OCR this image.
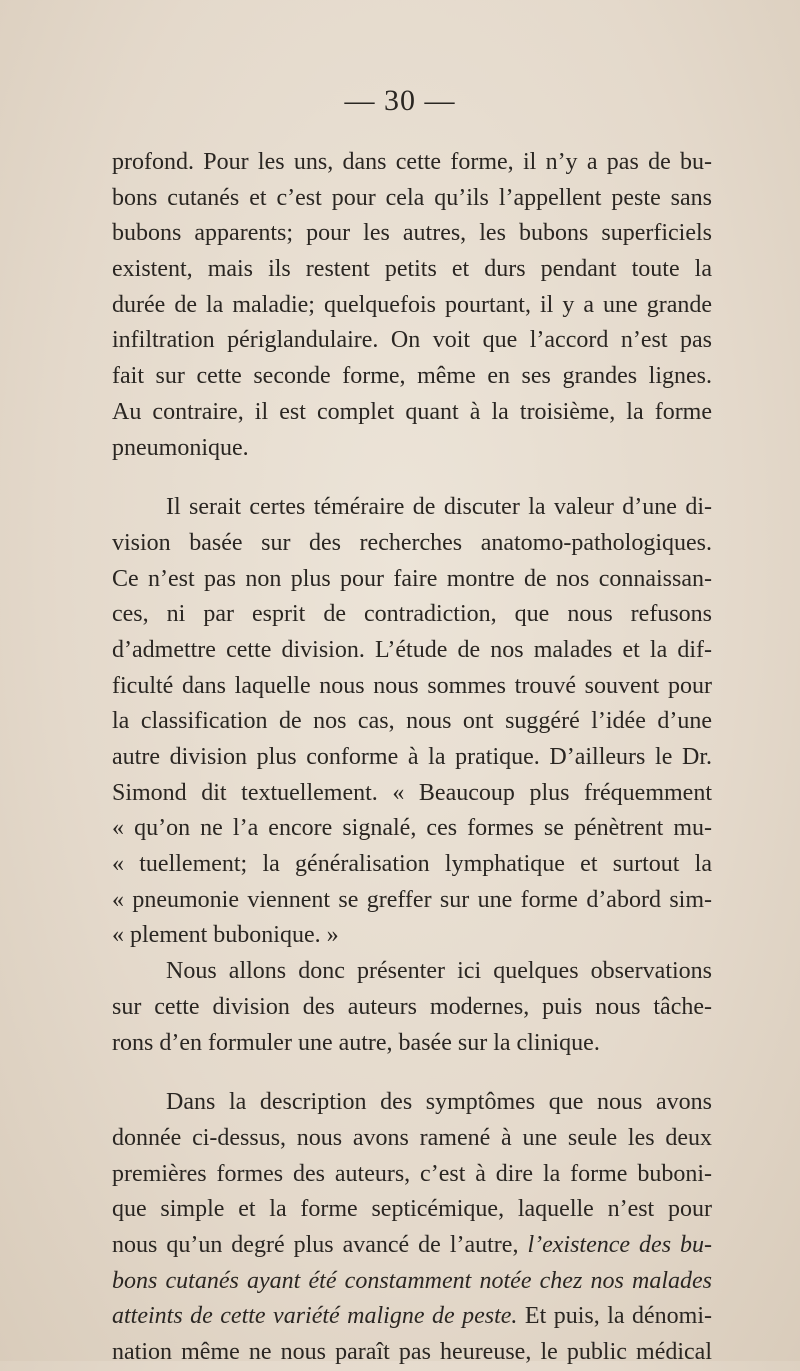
— 30 —
profond. Pour les uns, dans cette forme, il n’y a pas de bu-
bons cutanés et c’est pour cela qu’ils l’appellent peste sans
bubons apparents; pour les autres, les bubons superficiels
existent, mais ils restent petits et durs pendant toute la
durée de la maladie; quelquefois pourtant, il y a une grande
infiltration périglandulaire. On voit que l’accord n’est pas
fait sur cette seconde forme, même en ses grandes lignes.
Au contraire, il est complet quant à la troisième, la forme
pneumonique.
Il serait certes téméraire de discuter la valeur d’une di-
vision basée sur des recherches anatomo-pathologiques.
Ce n’est pas non plus pour faire montre de nos connaissan-
ces, ni par esprit de contradiction, que nous refusons
d’admettre cette division. L’étude de nos malades et la dif-
ficulté dans laquelle nous nous sommes trouvé souvent pour
la classification de nos cas, nous ont suggéré l’idée d’une
autre division plus conforme à la pratique. D’ailleurs le Dr.
Simond dit textuellement. « Beaucoup plus fréquemment
« qu’on ne l’a encore signalé, ces formes se pénètrent mu-
« tuellement; la généralisation lymphatique et surtout la
« pneumonie viennent se greffer sur une forme d’abord sim-
« plement bubonique. »
Nous allons donc présenter ici quelques observations
sur cette division des auteurs modernes, puis nous tâche-
rons d’en formuler une autre, basée sur la clinique.
Dans la description des symptômes que nous avons
donnée ci-dessus, nous avons ramené à une seule les deux
premières formes des auteurs, c’est à dire la forme buboni-
que simple et la forme septicémique, laquelle n’est pour
nous qu’un degré plus avancé de l’autre, l’existence des bu-
bons cutanés ayant été constamment notée chez nos malades
atteints de cette variété maligne de peste. Et puis, la dénomi-
nation même ne nous paraît pas heureuse, le public médical
